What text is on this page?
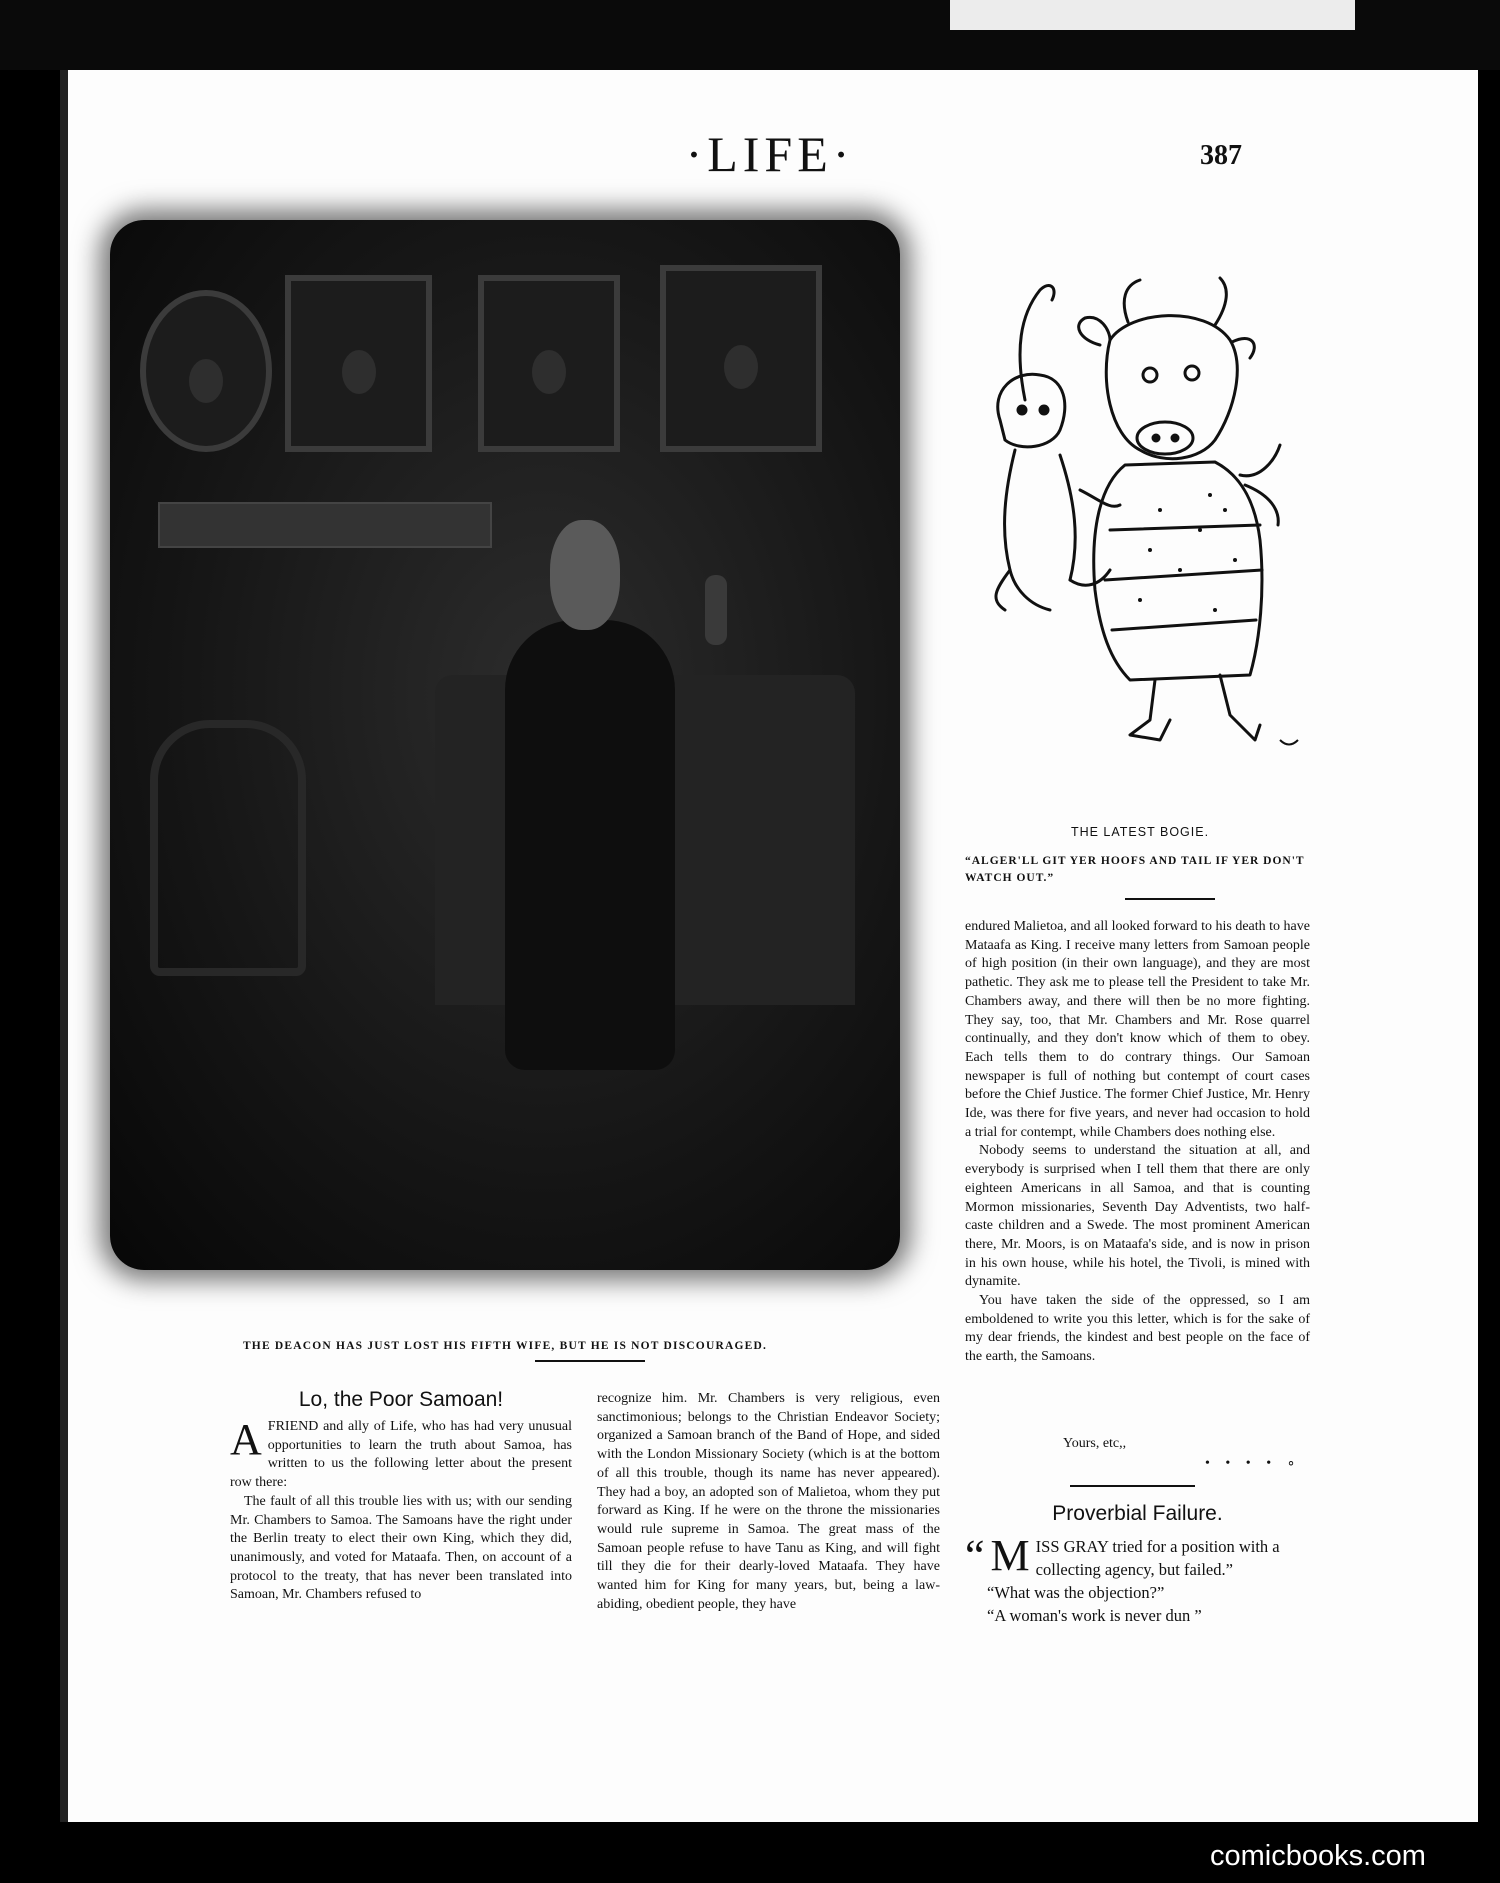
·LIFE·	387
THE DEACON HAS JUST LOST HIS FIFTH WIFE, BUT HE IS NOT DISCOURAGED.
THE LATEST BOGIE.
“ALGER'LL GIT YER HOOFS AND TAIL IF YER DON'T WATCH OUT.”
Lo, the Poor Samoan!
A FRIEND and ally of Life, who has had very unusual opportunities to learn the truth about Samoa, has written to us the following letter about the present row there:

The fault of all this trouble lies with us; with our sending Mr. Chambers to Samoa. The Samoans have the right under the Berlin treaty to elect their own King, which they did, unanimously, and voted for Mataafa. Then, on account of a protocol to the treaty, that has never been translated into Samoan, Mr. Chambers refused to

recognize him. Mr. Chambers is very religious, even sanctimonious; belongs to the Christian Endeavor Society; organized a Samoan branch of the Band of Hope, and sided with the London Missionary Society (which is at the bottom of all this trouble, though its name has never appeared). They had a boy, an adopted son of Malietoa, whom they put forward as King. If he were on the throne the missionaries would rule supreme in Samoa. The great mass of the Samoan people refuse to have Tanu as King, and will fight till they die for their dearly-loved Mataafa. They have wanted him for King for many years, but, being a law-abiding, obedient people, they have

endured Malietoa, and all looked forward to his death to have Mataafa as King. I receive many letters from Samoan people of high position (in their own language), and they are most pathetic. They ask me to please tell the President to take Mr. Chambers away, and there will then be no more fighting. They say, too, that Mr. Chambers and Mr. Rose quarrel continually, and they don't know which of them to obey. Each tells them to do contrary things. Our Samoan newspaper is full of nothing but contempt of court cases before the Chief Justice. The former Chief Justice, Mr. Henry Ide, was there for five years, and never had occasion to hold a trial for contempt, while Chambers does nothing else.

Nobody seems to understand the situation at all, and everybody is surprised when I tell them that there are only eighteen Americans in all Samoa, and that is counting Mormon missionaries, Seventh Day Adventists, two half-caste children and a Swede. The most prominent American there, Mr. Moors, is on Mataafa's side, and is now in prison in his own house, while his hotel, the Tivoli, is mined with dynamite.

You have taken the side of the oppressed, so I am emboldened to write you this letter, which is for the sake of my dear friends, the kindest and best people on the face of the earth, the Samoans.

Yours, etc,,
• • • • ∘
Proverbial Failure.

“ M ISS GRAY tried for a position with a collecting agency, but failed.”

“What was the objection?”

“A woman's work is never dun ”

comicbooks.com
